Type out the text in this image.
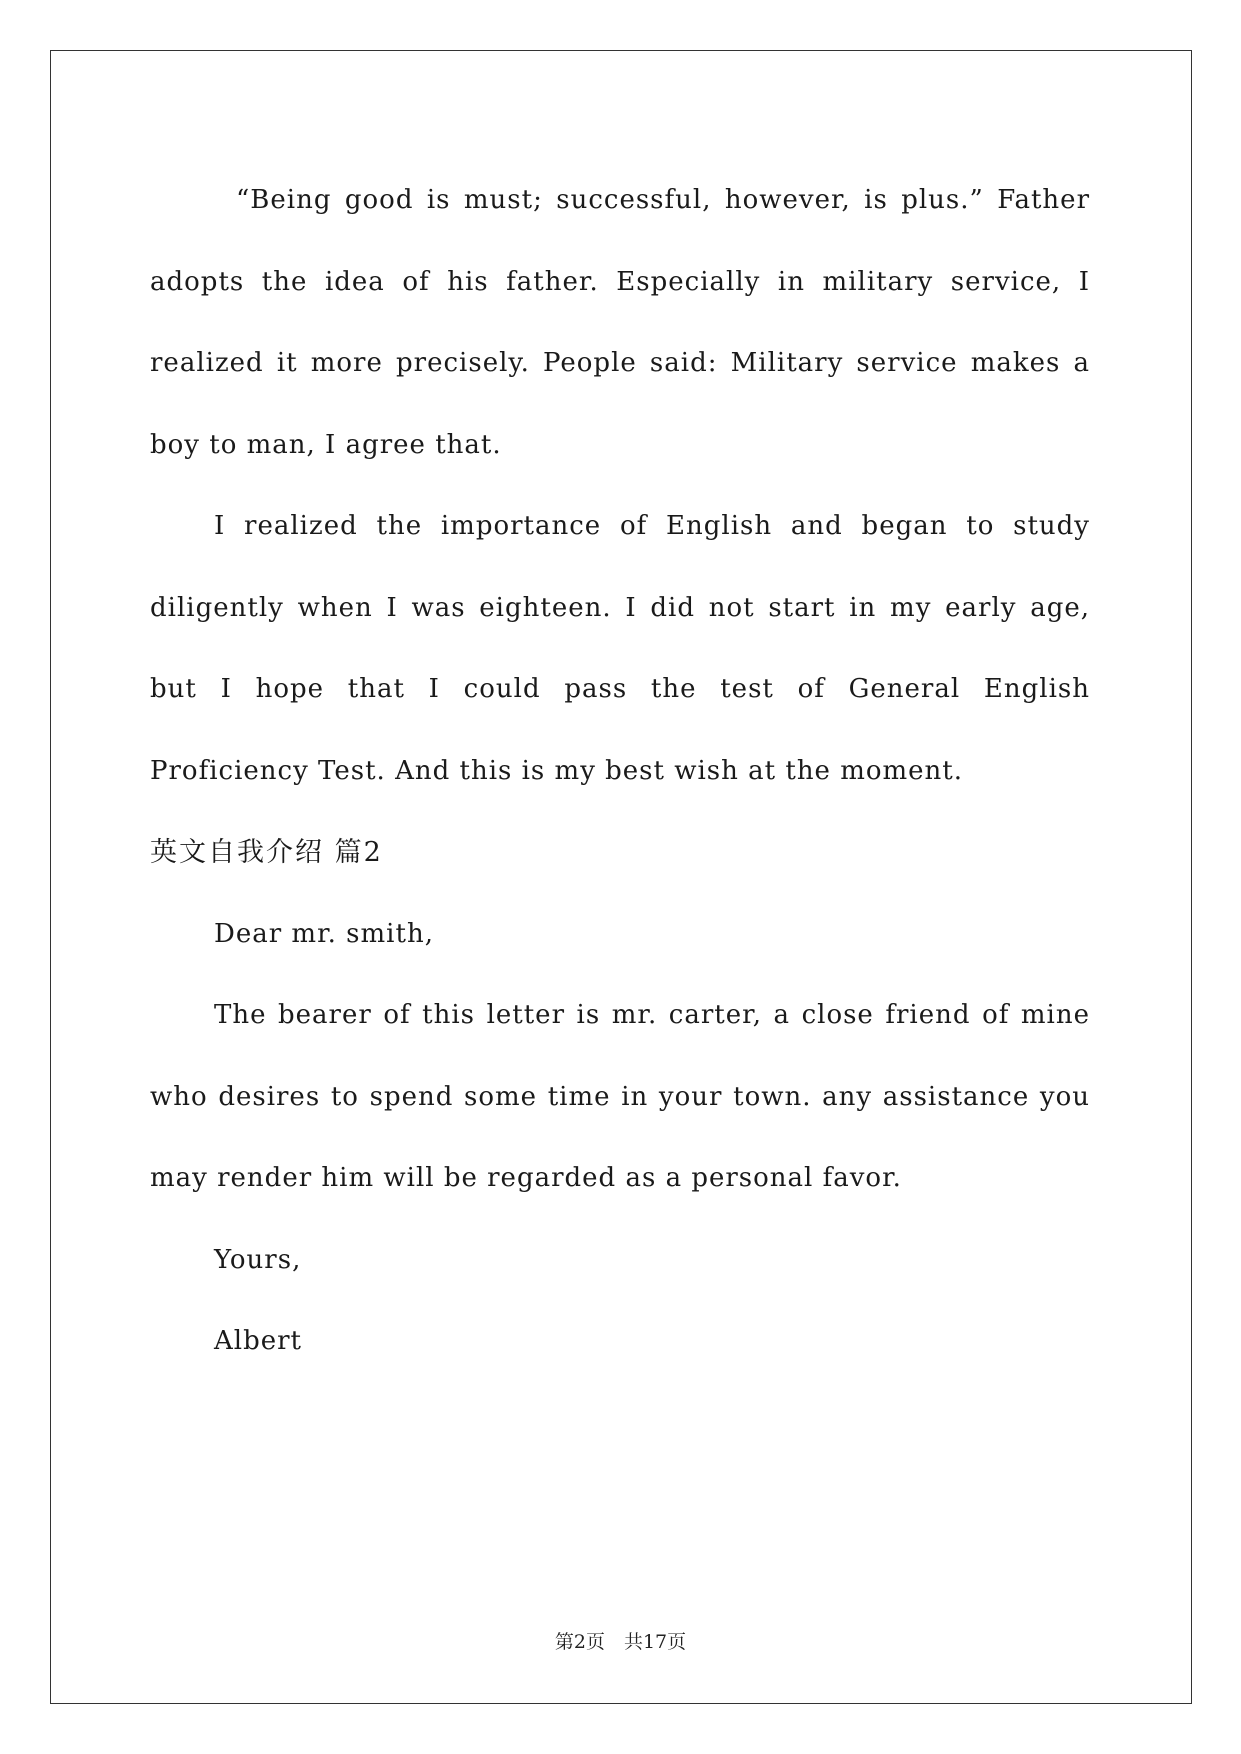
“Being good is must; successful, however, is plus.” Father adopts the idea of his father. Especially in military service, I realized it more precisely. People said: Military service makes a boy to man, I agree that.

I realized the importance of English and began to study diligently when I was eighteen. I did not start in my early age, but I hope that I could pass the test of General English Proficiency Test. And this is my best wish at the moment.

英文自我介绍 篇2

Dear mr. smith,

The bearer of this letter is mr. carter, a close friend of mine who desires to spend some time in your town. any assistance you may render him will be regarded as a personal favor.

Yours,

Albert

第2页　共17页
